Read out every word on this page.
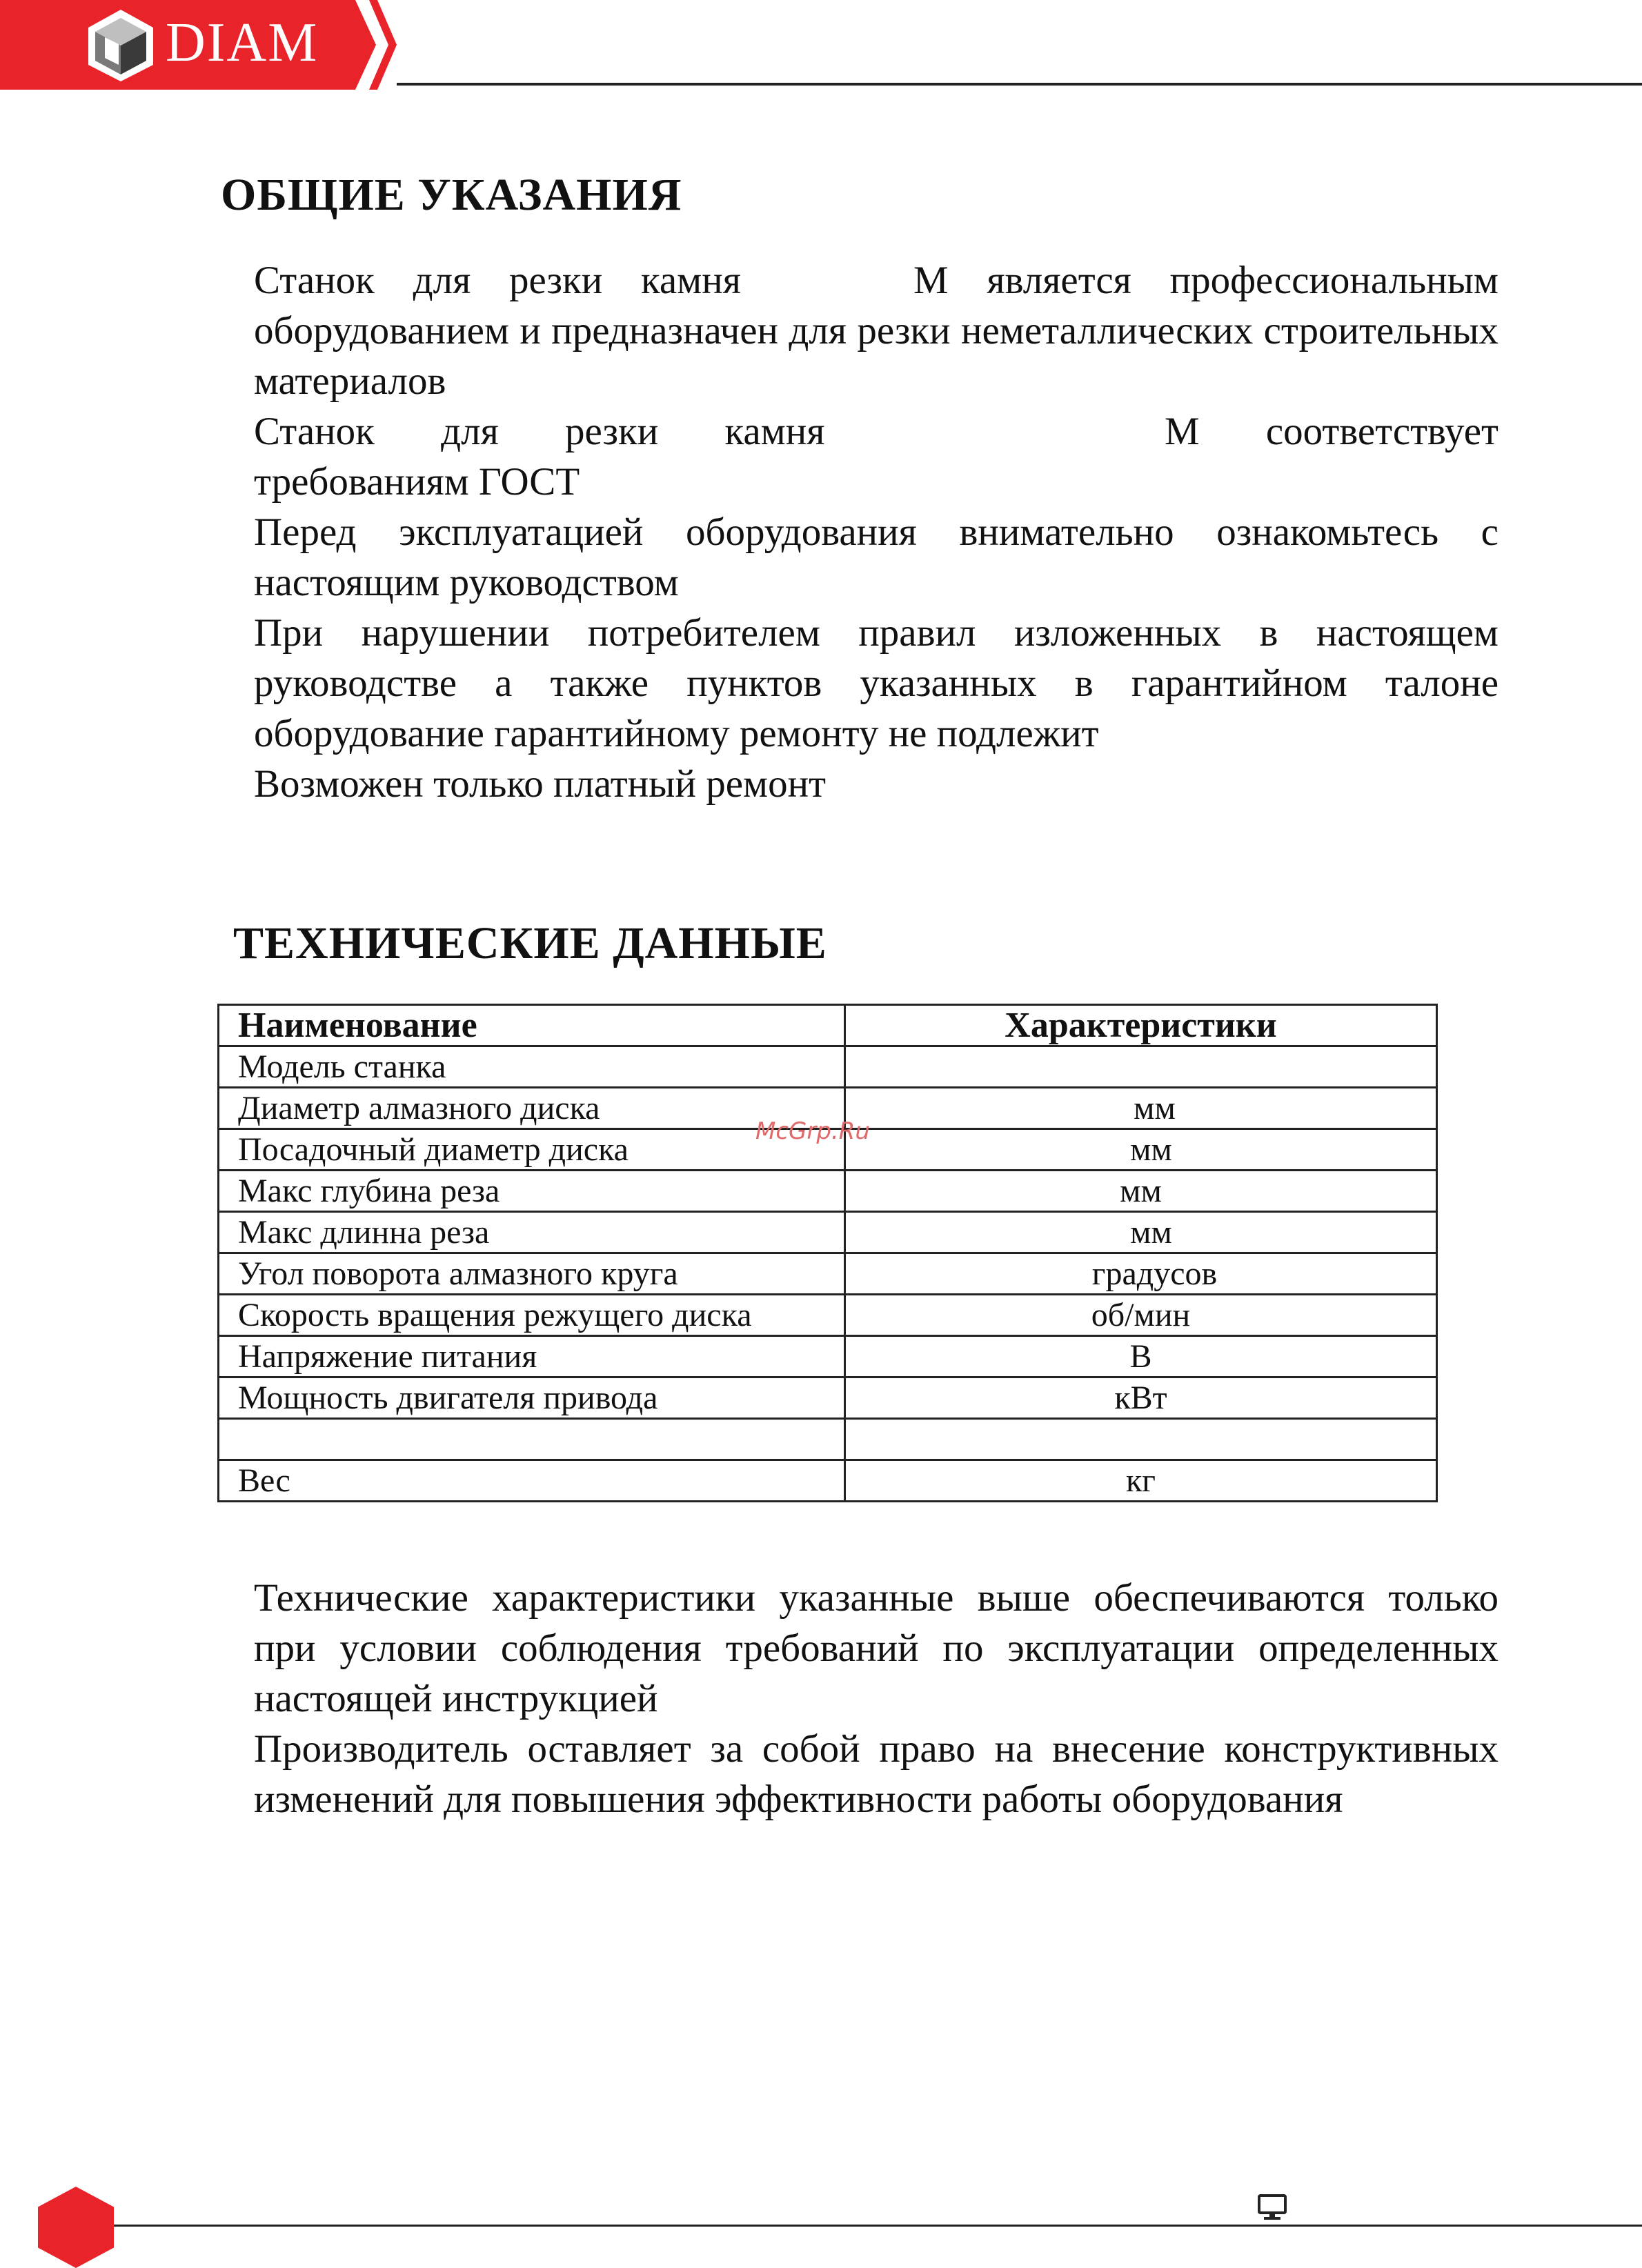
DIAM
ОБЩИЕ УКАЗАНИЯ

Станок для резки камня	М является профессиональным оборудованием и предназначен для резки неметаллических строительных материалов

Станок для резки камня	М соответствует

требованиям ГОСТ

Перед эксплуатацией оборудования внимательно ознакомьтесь с настоящим руководством

При нарушении потребителем правил изложенных в настоящем руководстве а также пунктов указанных в гарантийном талоне оборудование гарантийному ремонту не подлежит

Возможен только платный ремонт

ТЕХНИЧЕСКИЕ ДАННЫЕ
Наименование	Характеристики
Модель станка	
Диаметр алмазного диска	мм
Посадочный диаметр диска	мм
Макс глубина реза	мм
Макс длинна реза	мм
Угол поворота алмазного круга	градусов
Скорость вращения режущего диска	об/мин
Напряжение питания	В
Мощность двигателя привода	кВт

Вес	кг
McGrp.Ru

Технические характеристики указанные выше обеспечиваются только при условии соблюдения требований по эксплуатации определенных настоящей инструкцией

Производитель оставляет за собой право на внесение конструктивных изменений для повышения эффективности работы оборудования
